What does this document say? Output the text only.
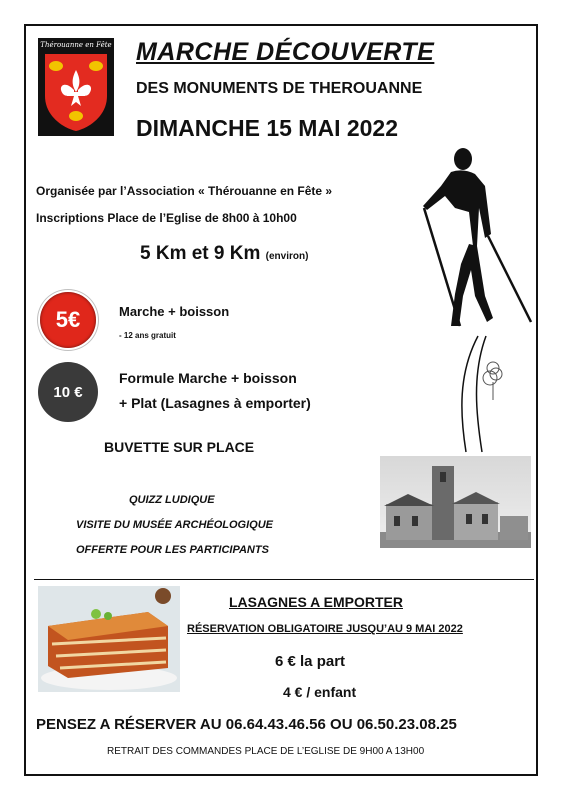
Thérouanne en Fête MARCHE DÉCOUVERTE
DES MONUMENTS DE THEROUANNE
DIMANCHE 15 MAI 2022
Organisée par l’Association « Thérouanne en Fête »
Inscriptions Place de l’Eglise de 8h00 à 10h00
5 Km et 9 Km (environ)
5€	Marche + boisson
- 12 ans gratuit
10 €
Formule Marche + boisson
+ Plat (Lasagnes à emporter)
BUVETTE SUR PLACE
QUIZZ LUDIQUE
VISITE DU MUSÉE ARCHÉOLOGIQUE
OFFERTE POUR LES PARTICIPANTS
LASAGNES A EMPORTER
RÉSERVATION OBLIGATOIRE JUSQU’AU 9 MAI 2022
6 € la part
4 € / enfant
PENSEZ A RÉSERVER AU 06.64.43.46.56 OU 06.50.23.08.25
RETRAIT DES COMMANDES PLACE DE L’EGLISE DE 9H00 A 13H00
